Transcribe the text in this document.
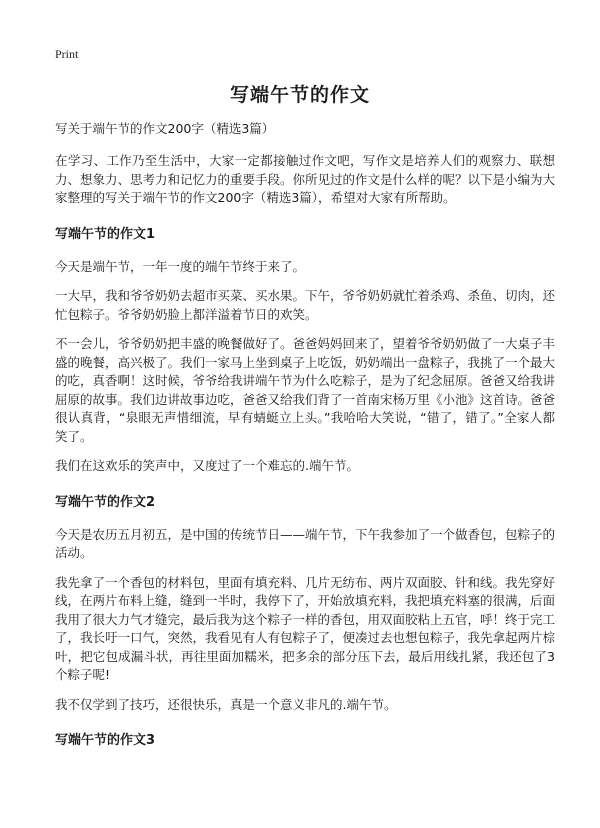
Print
写端午节的作文

写关于端午节的作文200字（精选3篇）

在学习、工作乃至生活中，大家一定都接触过作文吧，写作文是培养人们的观察力、联想力、想象力、思考力和记忆力的重要手段。你所见过的作文是什么样的呢？以下是小编为大家整理的写关于端午节的作文200字（精选3篇），希望对大家有所帮助。

写端午节的作文1

今天是端午节，一年一度的端午节终于来了。

一大早，我和爷爷奶奶去超市买菜、买水果。下午，爷爷奶奶就忙着杀鸡、杀鱼、切肉，还忙包粽子。爷爷奶奶脸上都洋溢着节日的欢笑。

不一会儿，爷爷奶奶把丰盛的晚餐做好了。爸爸妈妈回来了，望着爷爷奶奶做了一大桌子丰盛的晚餐，高兴极了。我们一家马上坐到桌子上吃饭，奶奶端出一盘粽子，我挑了一个最大的吃，真香啊！这时候，爷爷给我讲端午节为什么吃粽子，是为了纪念屈原。爸爸又给我讲屈原的故事。我们边讲故事边吃，爸爸又给我们背了一首南宋杨万里《小池》这首诗。爸爸很认真背，“泉眼无声惜细流，早有蜻蜓立上头。”我哈哈大笑说，“错了，错了。”全家人都笑了。

我们在这欢乐的笑声中，又度过了一个难忘的.端午节。

写端午节的作文2

今天是农历五月初五，是中国的传统节日——端午节，下午我参加了一个做香包，包粽子的活动。

我先拿了一个香包的材料包，里面有填充料、几片无纺布、两片双面胶、针和线。我先穿好线，在两片布料上缝，缝到一半时，我停下了，开始放填充料，我把填充料塞的很满，后面我用了很大力气才缝完，最后我为这个粽子一样的香包，用双面胶粘上五官，呼！终于完工了，我长吁一口气，突然，我看见有人有包粽子了，便凑过去也想包粽子，我先拿起两片棕叶，把它包成漏斗状，再往里面加糯米，把多余的部分压下去，最后用线扎紧，我还包了3个粽子呢!

我不仅学到了技巧，还很快乐，真是一个意义非凡的.端午节。

写端午节的作文3
